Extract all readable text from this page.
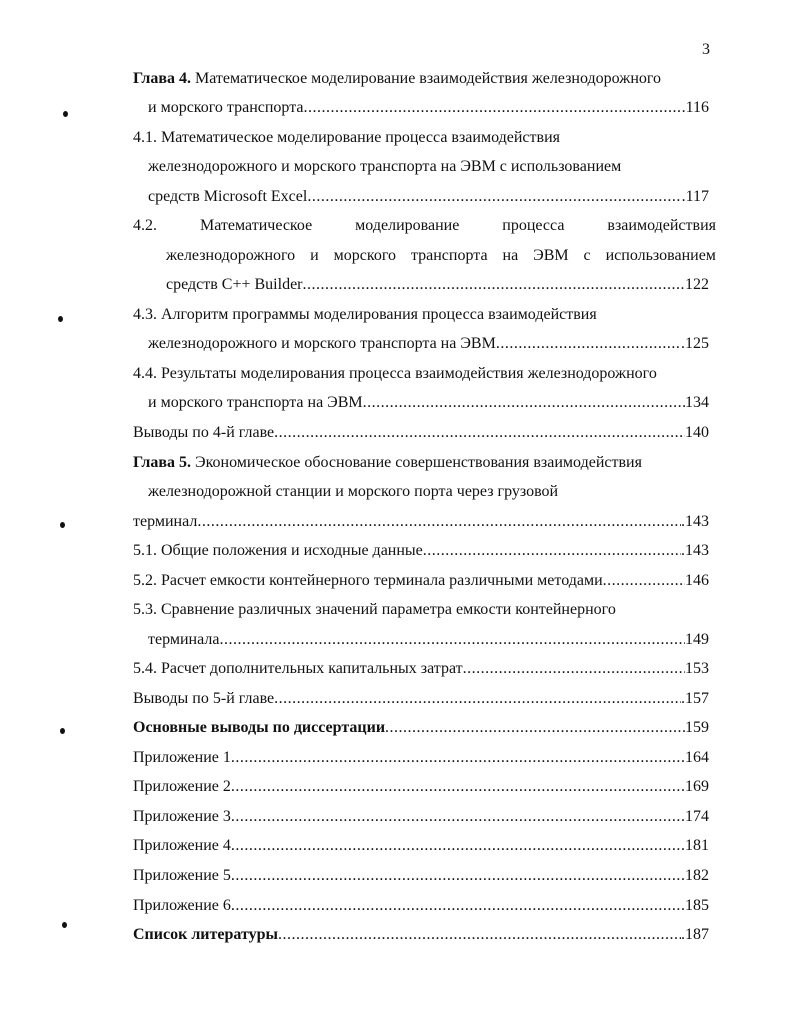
3
Глава 4. Математическое моделирование взаимодействия железнодорожного
и морского транспорта .....	.116
4.1. Математическое моделирование процесса взаимодействия
железнодорожного и морского транспорта на ЭВМ с использованием
средств Microsoft Excel .....	.117
4.2.	Математическое	моделирование	процесса	взаимодействия
железнодорожного и морского транспорта на ЭВМ с использованием
средств C++ Builder .....	122
4.3. Алгоритм программы моделирования процесса взаимодействия
железнодорожного и морского транспорта на ЭВМ .....	.125
4.4. Результаты моделирования процесса взаимодействия железнодорожного
и морского транспорта на ЭВМ .....	134
Выводы по 4-й главе .....	140
Глава 5. Экономическое обоснование совершенствования взаимодействия
железнодорожной станции и морского порта через грузовой
терминал .....	.143
5.1. Общие положения и исходные данные .....	.143
5.2. Расчет емкости контейнерного терминала различными методами .....	146
5.3. Сравнение различных значений параметра емкости контейнерного
терминала .....	149
5.4. Расчет дополнительных капитальных затрат .....	153
Выводы по 5-й главе .....	.157
Основные выводы по диссертации .....	159
Приложение 1 .....	.164
Приложение 2 .....	.169
Приложение 3 .....	.174
Приложение 4 .....	.181
Приложение 5 .....	.182
Приложение 6 .....	.185
Список литературы .....	.187
